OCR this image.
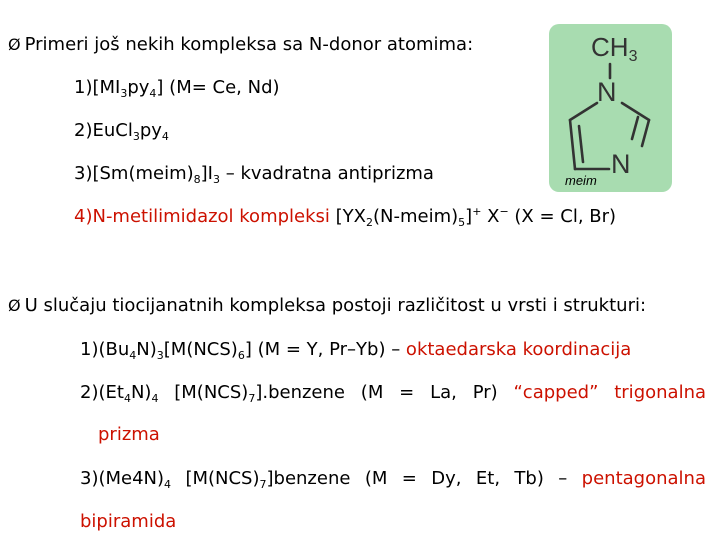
Ø Primeri još nekih kompleksa sa N-donor atomima:
$1)[MI_3py_4]$ (M= Ce, Nd)
$2)EuCl_3py_4$
$3)[Sm(meim)_8]I_3$ – kvadratna antiprizma
4)N-metilimidazol kompleksi $[YX_2(N-meim)_5]^+$ X− (X = Cl, Br)
CH3
N
N
meim
Ø U slučaju tiocijanatnih kompleksa postoji različitost u vrsti i strukturi:
$1)(Bu_4N)_3[M(NCS)_6] (M = Y$, Pr–Yb) – oktaedarska koordinacija
$2)(Et_4N)_4$ $[M(NCS)_7].benzene$ (M = La, Pr) “capped” trigonalna
prizma
$3)(Me4N)_4$ $[M(NCS)_7]benzene$ (M = Dy, Et, Tb) – pentagonalna
bipiramida
